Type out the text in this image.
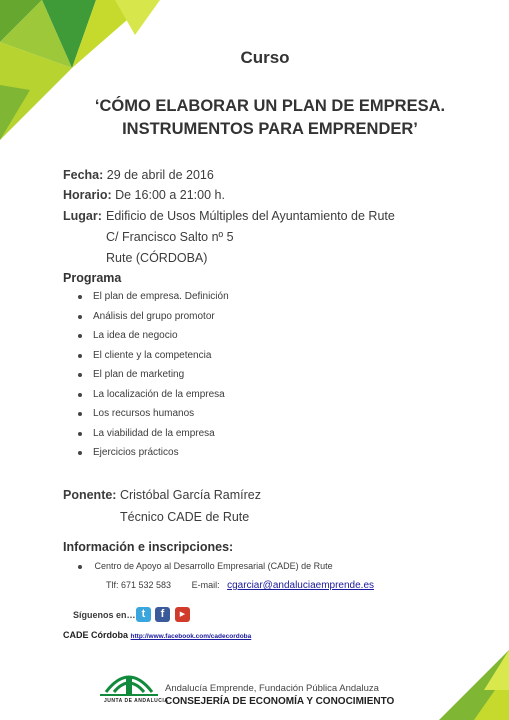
Curso
‘CÓMO ELABORAR UN PLAN DE EMPRESA.
INSTRUMENTOS PARA EMPRENDER’
Fecha: 29 de abril de 2016
Horario: De 16:00 a 21:00 h.
Lugar: Edificio de Usos Múltiples del Ayuntamiento de Rute
C/ Francisco Salto nº 5
Rute (CÓRDOBA)
Programa
El plan de empresa. Definición
Análisis del grupo promotor
La idea de negocio
El cliente y la competencia
El plan de marketing
La localización de la empresa
Los recursos humanos
La viabilidad de la empresa
Ejercicios prácticos
Ponente: Cristóbal García Ramírez
Técnico CADE de Rute
Información e inscripciones:
Centro de Apoyo al Desarrollo Empresarial (CADE) de Rute
Tlf: 671 532 583 E-mail: cgarciar@andaluciaemprende.es
Síguenos en… t	f	▶
CADE Córdoba http://www.facebook.com/cadecordoba
JUNTA DE ANDALUCIA
Andalucía Emprende, Fundación Pública Andaluza
CONSEJERÍA DE ECONOMÍA Y CONOCIMIENTO
